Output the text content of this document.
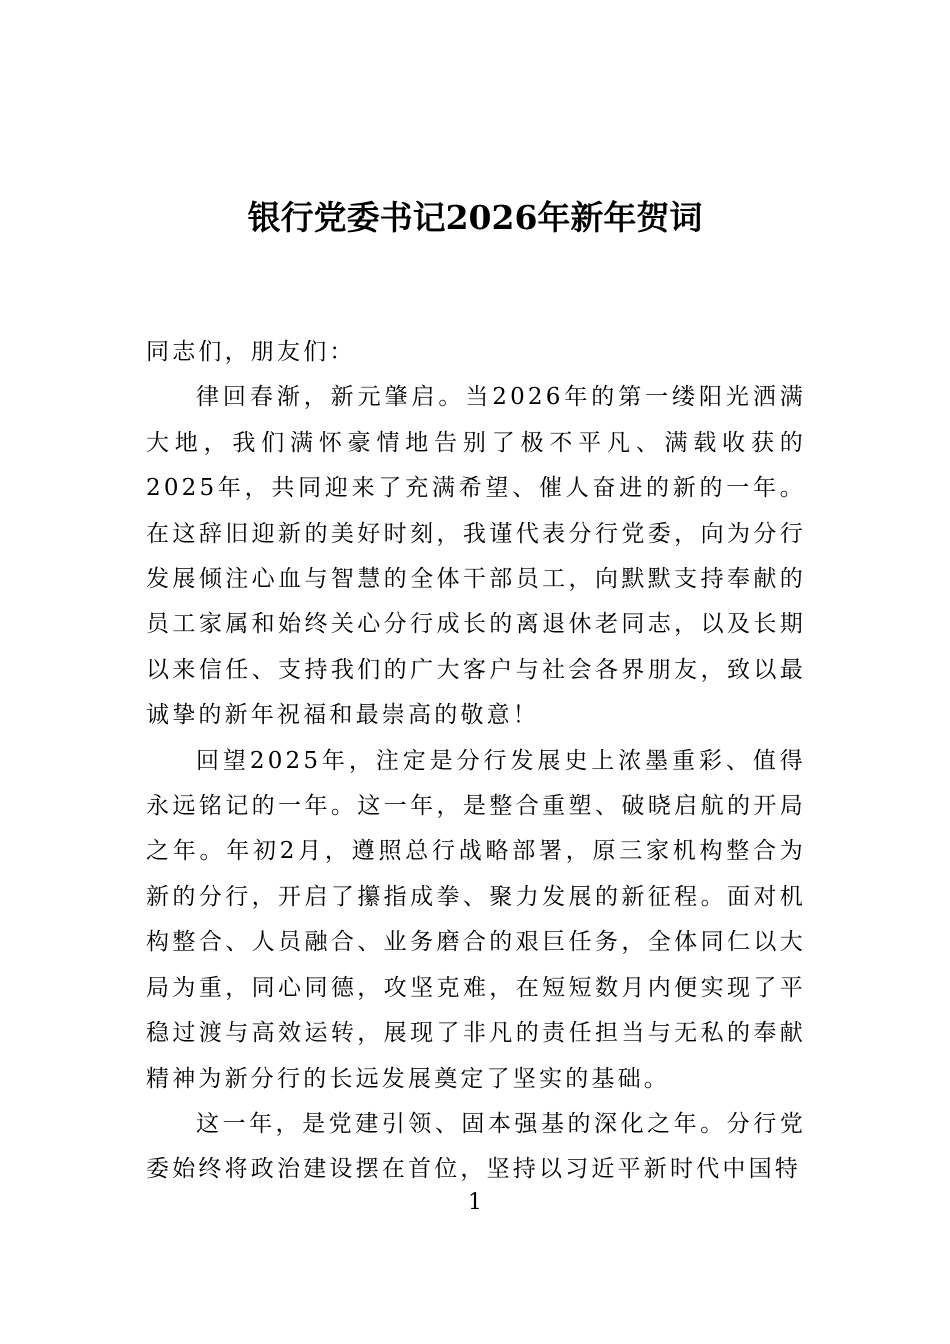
银行党委书记2026年新年贺词

同志们，朋友们：

律回春渐，新元肇启。当2026年的第一缕阳光洒满大地，我们满怀豪情地告别了极不平凡、满载收获的2025年，共同迎来了充满希望、催人奋进的新的一年。在这辞旧迎新的美好时刻，我谨代表分行党委，向为分行发展倾注心血与智慧的全体干部员工，向默默支持奉献的员工家属和始终关心分行成长的离退休老同志，以及长期以来信任、支持我们的广大客户与社会各界朋友，致以最诚挚的新年祝福和最崇高的敬意！

回望2025年，注定是分行发展史上浓墨重彩、值得永远铭记的一年。这一年，是整合重塑、破晓启航的开局之年。年初2月，遵照总行战略部署，原三家机构整合为新的分行，开启了攥指成拳、聚力发展的新征程。面对机构整合、人员融合、业务磨合的艰巨任务，全体同仁以大局为重，同心同德，攻坚克难，在短短数月内便实现了平稳过渡与高效运转，展现了非凡的责任担当与无私的奉献精神为新分行的长远发展奠定了坚实的基础。

这一年，是党建引领、固本强基的深化之年。分行党委始终将政治建设摆在首位，坚持以习近平新时代中国特

1
